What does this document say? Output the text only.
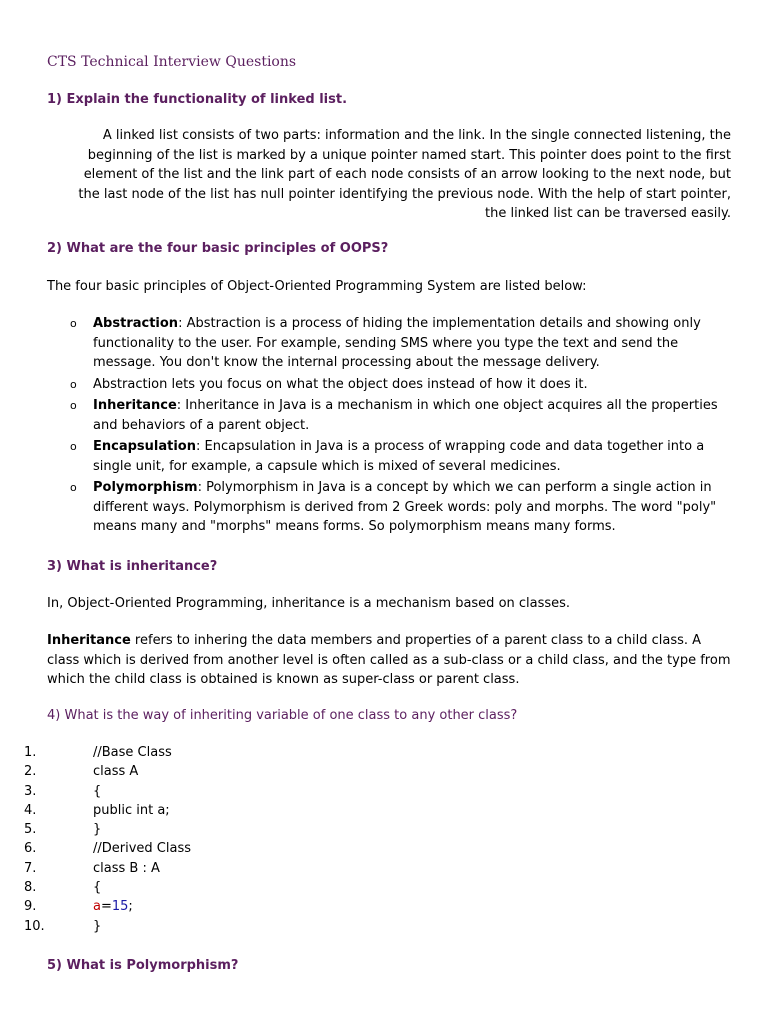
CTS Technical Interview Questions
1) Explain the functionality of linked list.
A linked list consists of two parts: information and the link. In the single connected listening, the
beginning of the list is marked by a unique pointer named start. This pointer does point to the first
element of the list and the link part of each node consists of an arrow looking to the next node, but
the last node of the list has null pointer identifying the previous node. With the help of start pointer,
the linked list can be traversed easily.
2) What are the four basic principles of OOPS?
The four basic principles of Object-Oriented Programming System are listed below:
o Abstraction: Abstraction is a process of hiding the implementation details and showing only functionality to the user. For example, sending SMS where you type the text and send the message. You don't know the internal processing about the message delivery.
o Abstraction lets you focus on what the object does instead of how it does it.
o Inheritance: Inheritance in Java is a mechanism in which one object acquires all the properties and behaviors of a parent object.
o Encapsulation: Encapsulation in Java is a process of wrapping code and data together into a single unit, for example, a capsule which is mixed of several medicines.
o Polymorphism: Polymorphism in Java is a concept by which we can perform a single action in different ways. Polymorphism is derived from 2 Greek words: poly and morphs. The word "poly" means many and "morphs" means forms. So polymorphism means many forms.
3) What is inheritance?
In, Object-Oriented Programming, inheritance is a mechanism based on classes.
Inheritance refers to inhering the data members and properties of a parent class to a child class. A class which is derived from another level is often called as a sub-class or a child class, and the type from which the child class is obtained is known as super-class or parent class.
4) What is the way of inheriting variable of one class to any other class?
1.	//Base Class
2.	class A
3.	{
4.	public int a;
5.	}
6.	//Derived Class
7.	class B : A
8.	{
9.	a=15;
10.	}
5) What is Polymorphism?
